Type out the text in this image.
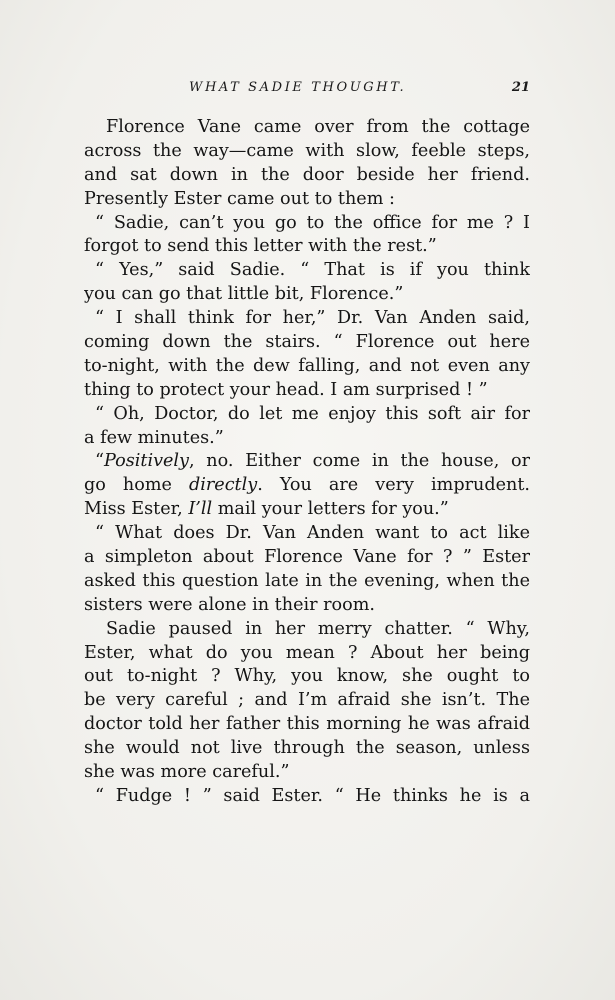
WHAT SADIE THOUGHT.	21
Florence Vane came over from the cottage
across the way—came with slow, feeble steps,
and sat down in the door beside her friend.
Presently Ester came out to them :
“ Sadie, can’t you go to the office for me ? I
forgot to send this letter with the rest.”
“ Yes,” said Sadie. “ That is if you think
you can go that little bit, Florence.”
“ I shall think for her,” Dr. Van Anden said,
coming down the stairs. “ Florence out here
to-night, with the dew falling, and not even any
thing to protect your head. I am surprised ! ”
“ Oh, Doctor, do let me enjoy this soft air for
a few minutes.”
“Positively, no. Either come in the house, or
go home directly. You are very imprudent.
Miss Ester, I’ll mail your letters for you.”
“ What does Dr. Van Anden want to act like
a simpleton about Florence Vane for ? ” Ester
asked this question late in the evening, when the
sisters were alone in their room.
Sadie paused in her merry chatter. “ Why,
Ester, what do you mean ? About her being
out to-night ? Why, you know, she ought to
be very careful ; and I’m afraid she isn’t. The
doctor told her father this morning he was afraid
she would not live through the season, unless
she was more careful.”
“ Fudge ! ” said Ester. “ He thinks he is a
